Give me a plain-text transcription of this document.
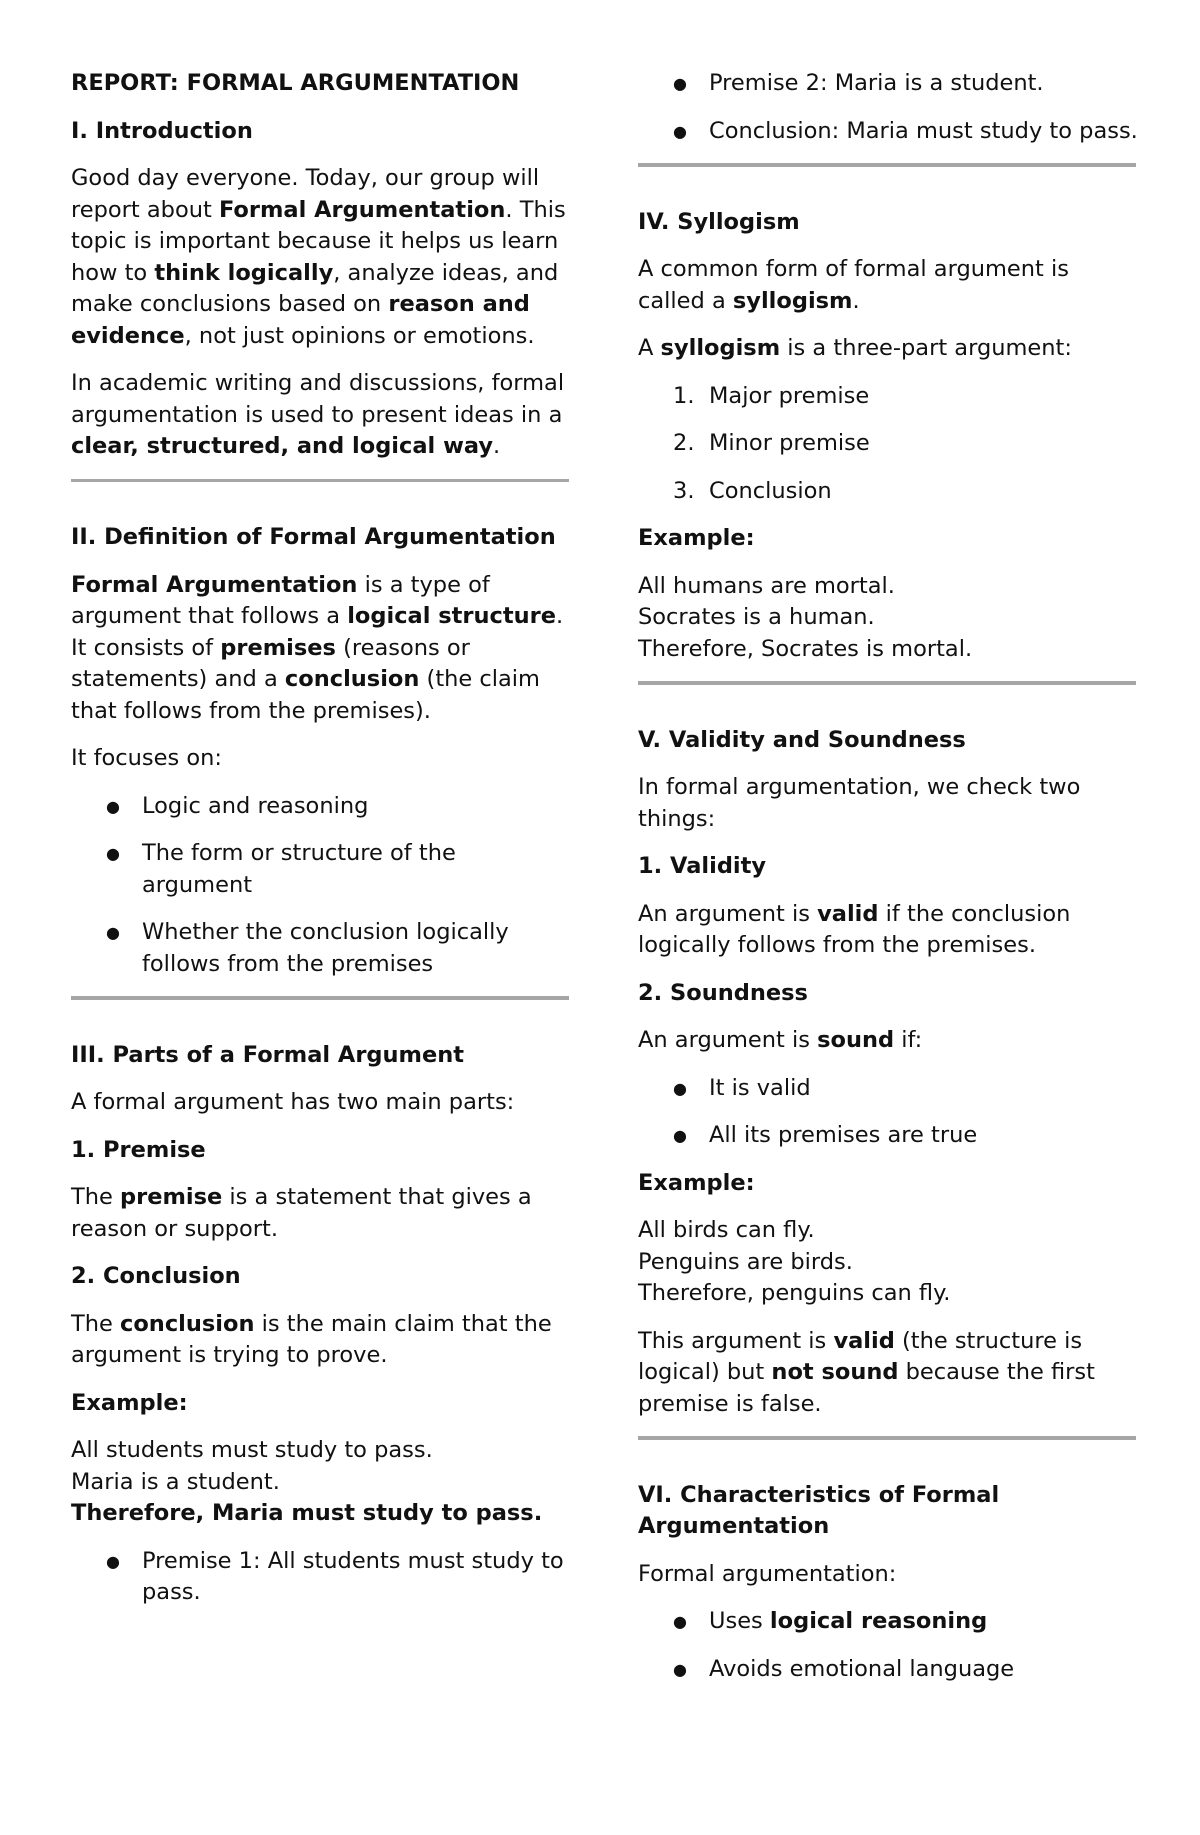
REPORT: FORMAL ARGUMENTATION
I. Introduction

Good day everyone. Today, our group will report about Formal Argumentation. This topic is important because it helps us learn how to think logically, analyze ideas, and make conclusions based on reason and evidence, not just opinions or emotions.

In academic writing and discussions, formal argumentation is used to present ideas in a clear, structured, and logical way.

II. Definition of Formal Argumentation

Formal Argumentation is a type of argument that follows a logical structure. It consists of premises (reasons or statements) and a conclusion (the claim that follows from the premises).

It focuses on:

● Logic and reasoning
● The form or structure of the argument
● Whether the conclusion logically follows from the premises
III. Parts of a Formal Argument

A formal argument has two main parts:

1. Premise

The premise is a statement that gives a reason or support.

2. Conclusion

The conclusion is the main claim that the argument is trying to prove.

Example:
All students must study to pass.
Maria is a student.
Therefore, Maria must study to pass.
● Premise 1: All students must study to pass.
● Premise 2: Maria is a student.
● Conclusion: Maria must study to pass.
IV. Syllogism

A common form of formal argument is called a syllogism.

A syllogism is a three-part argument:

1. Major premise
2. Minor premise
3. Conclusion
Example:
All humans are mortal.
Socrates is a human.
Therefore, Socrates is mortal.
V. Validity and Soundness

In formal argumentation, we check two things:

1. Validity

An argument is valid if the conclusion logically follows from the premises.

2. Soundness

An argument is sound if:

● It is valid
● All its premises are true
Example:
All birds can fly.
Penguins are birds.
Therefore, penguins can fly.

This argument is valid (the structure is logical) but not sound because the first premise is false.

VI. Characteristics of Formal Argumentation

Formal argumentation:

● Uses logical reasoning
● Avoids emotional language
